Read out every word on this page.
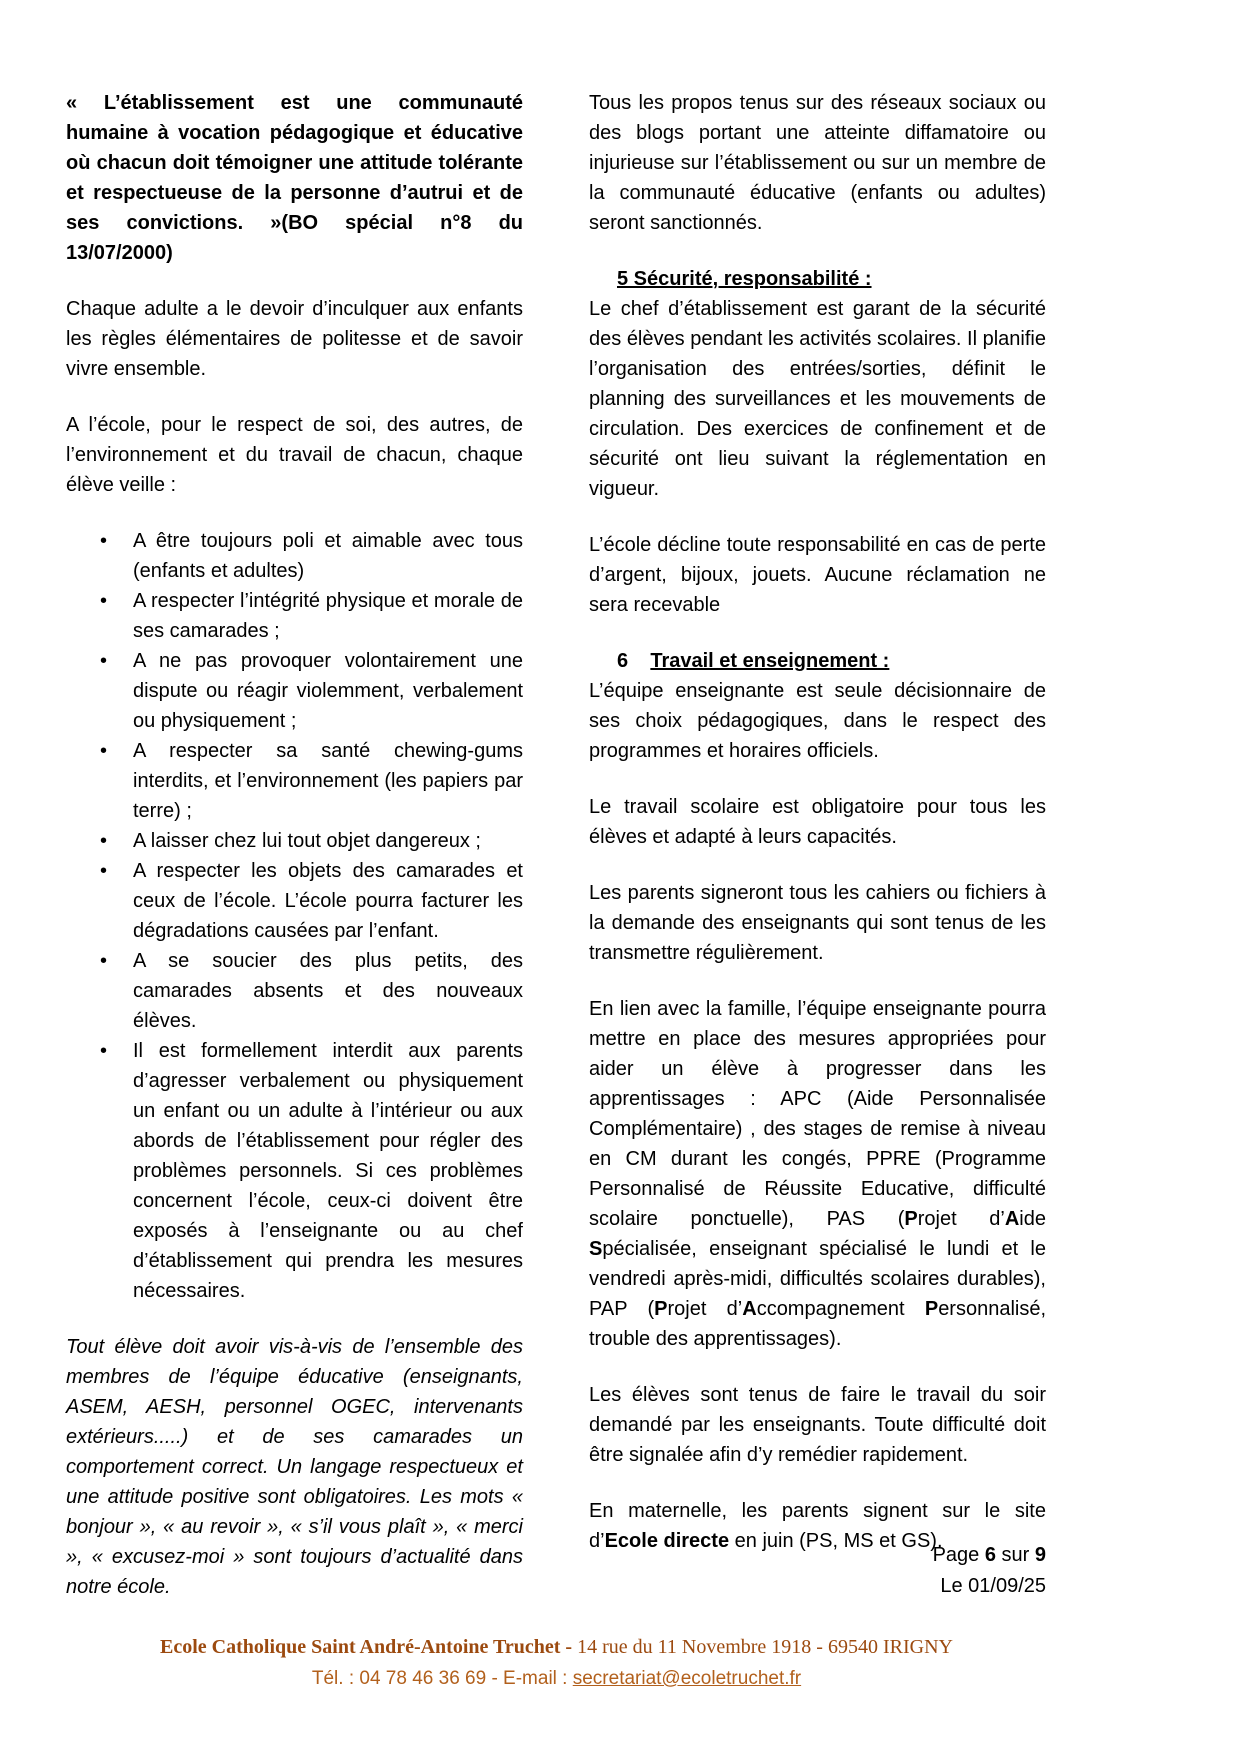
« L’établissement est une communauté humaine à vocation pédagogique et éducative où chacun doit témoigner une attitude tolérante et respectueuse de la personne d’autrui et de ses convictions. »(BO spécial n°8 du 13/07/2000)

Chaque adulte a le devoir d’inculquer aux enfants les règles élémentaires de politesse et de savoir vivre ensemble.

A l’école, pour le respect de soi, des autres, de l’environnement et du travail de chacun, chaque élève veille :

• A être toujours poli et aimable avec tous (enfants et adultes)
• A respecter l’intégrité physique et morale de ses camarades ;
• A ne pas provoquer volontairement une dispute ou réagir violemment, verbalement ou physiquement ;
• A respecter sa santé chewing-gums interdits, et l’environnement (les papiers par terre) ;
• A laisser chez lui tout objet dangereux ;
• A respecter les objets des camarades et ceux de l’école. L’école pourra facturer les dégradations causées par l’enfant.
• A se soucier des plus petits, des camarades absents et des nouveaux élèves.
• Il est formellement interdit aux parents d’agresser verbalement ou physiquement un enfant ou un adulte à l’intérieur ou aux abords de l’établissement pour régler des problèmes personnels. Si ces problèmes concernent l’école, ceux-ci doivent être exposés à l’enseignante ou au chef d’établissement qui prendra les mesures nécessaires.

Tout élève doit avoir vis-à-vis de l’ensemble des membres de l’équipe éducative (enseignants, ASEM, AESH, personnel OGEC, intervenants extérieurs.....) et de ses camarades un comportement correct. Un langage respectueux et une attitude positive sont obligatoires. Les mots « bonjour », « au revoir », « s’il vous plaît », « merci », « excusez-moi » sont toujours d’actualité dans notre école.

Tous les propos tenus sur des réseaux sociaux ou des blogs portant une atteinte diffamatoire ou injurieuse sur l’établissement ou sur un membre de la communauté éducative (enfants ou adultes) seront sanctionnés.

5 Sécurité, responsabilité :

Le chef d’établissement est garant de la sécurité des élèves pendant les activités scolaires. Il planifie l’organisation des entrées/sorties, définit le planning des surveillances et les mouvements de circulation. Des exercices de confinement et de sécurité ont lieu suivant la réglementation en vigueur.

L’école décline toute responsabilité en cas de perte d’argent, bijoux, jouets. Aucune réclamation ne sera recevable

6 Travail et enseignement :

L’équipe enseignante est seule décisionnaire de ses choix pédagogiques, dans le respect des programmes et horaires officiels.

Le travail scolaire est obligatoire pour tous les élèves et adapté à leurs capacités.

Les parents signeront tous les cahiers ou fichiers à la demande des enseignants qui sont tenus de les transmettre régulièrement.

En lien avec la famille, l’équipe enseignante pourra mettre en place des mesures appropriées pour aider un élève à progresser dans les apprentissages : APC (Aide Personnalisée Complémentaire) , des stages de remise à niveau en CM durant les congés, PPRE (Programme Personnalisé de Réussite Educative, difficulté scolaire ponctuelle), PAS (Projet d’Aide Spécialisée, enseignant spécialisé le lundi et le vendredi après-midi, difficultés scolaires durables), PAP (Projet d’Accompagnement Personnalisé, trouble des apprentissages).

Les élèves sont tenus de faire le travail du soir demandé par les enseignants. Toute difficulté doit être signalée afin d’y remédier rapidement.

En maternelle, les parents signent sur le site d’Ecole directe en juin (PS, MS et GS).

Page 6 sur 9
Le 01/09/25
Ecole Catholique Saint André-Antoine Truchet - 14 rue du 11 Novembre 1918 - 69540 IRIGNY
Tél. : 04 78 46 36 69 - E-mail : secretariat@ecoletruchet.fr
